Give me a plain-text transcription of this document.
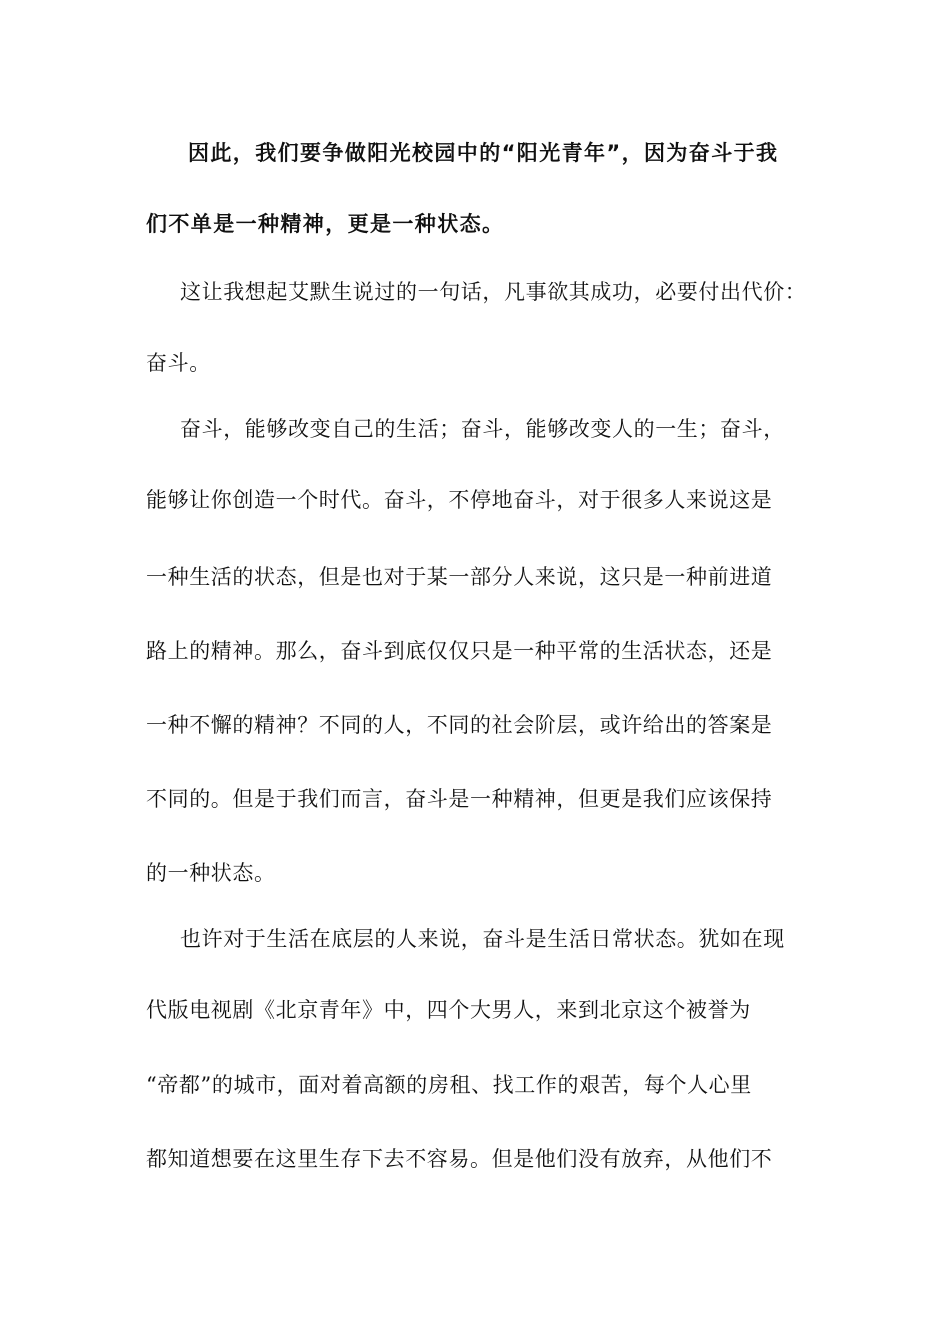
因此，我们要争做阳光校园中的“阳光青年”，因为奋斗于我
们不单是一种精神，更是一种状态。
这让我想起艾默生说过的一句话，凡事欲其成功，必要付出代价：
奋斗。
奋斗，能够改变自己的生活；奋斗，能够改变人的一生；奋斗，
能够让你创造一个时代。奋斗，不停地奋斗，对于很多人来说这是
一种生活的状态，但是也对于某一部分人来说，这只是一种前进道
路上的精神。那么，奋斗到底仅仅只是一种平常的生活状态，还是
一种不懈的精神？不同的人，不同的社会阶层，或许给出的答案是
不同的。但是于我们而言，奋斗是一种精神，但更是我们应该保持
的一种状态。
也许对于生活在底层的人来说，奋斗是生活日常状态。犹如在现
代版电视剧《北京青年》中，四个大男人，来到北京这个被誉为
“帝都”的城市，面对着高额的房租、找工作的艰苦，每个人心里
都知道想要在这里生存下去不容易。但是他们没有放弃，从他们不
